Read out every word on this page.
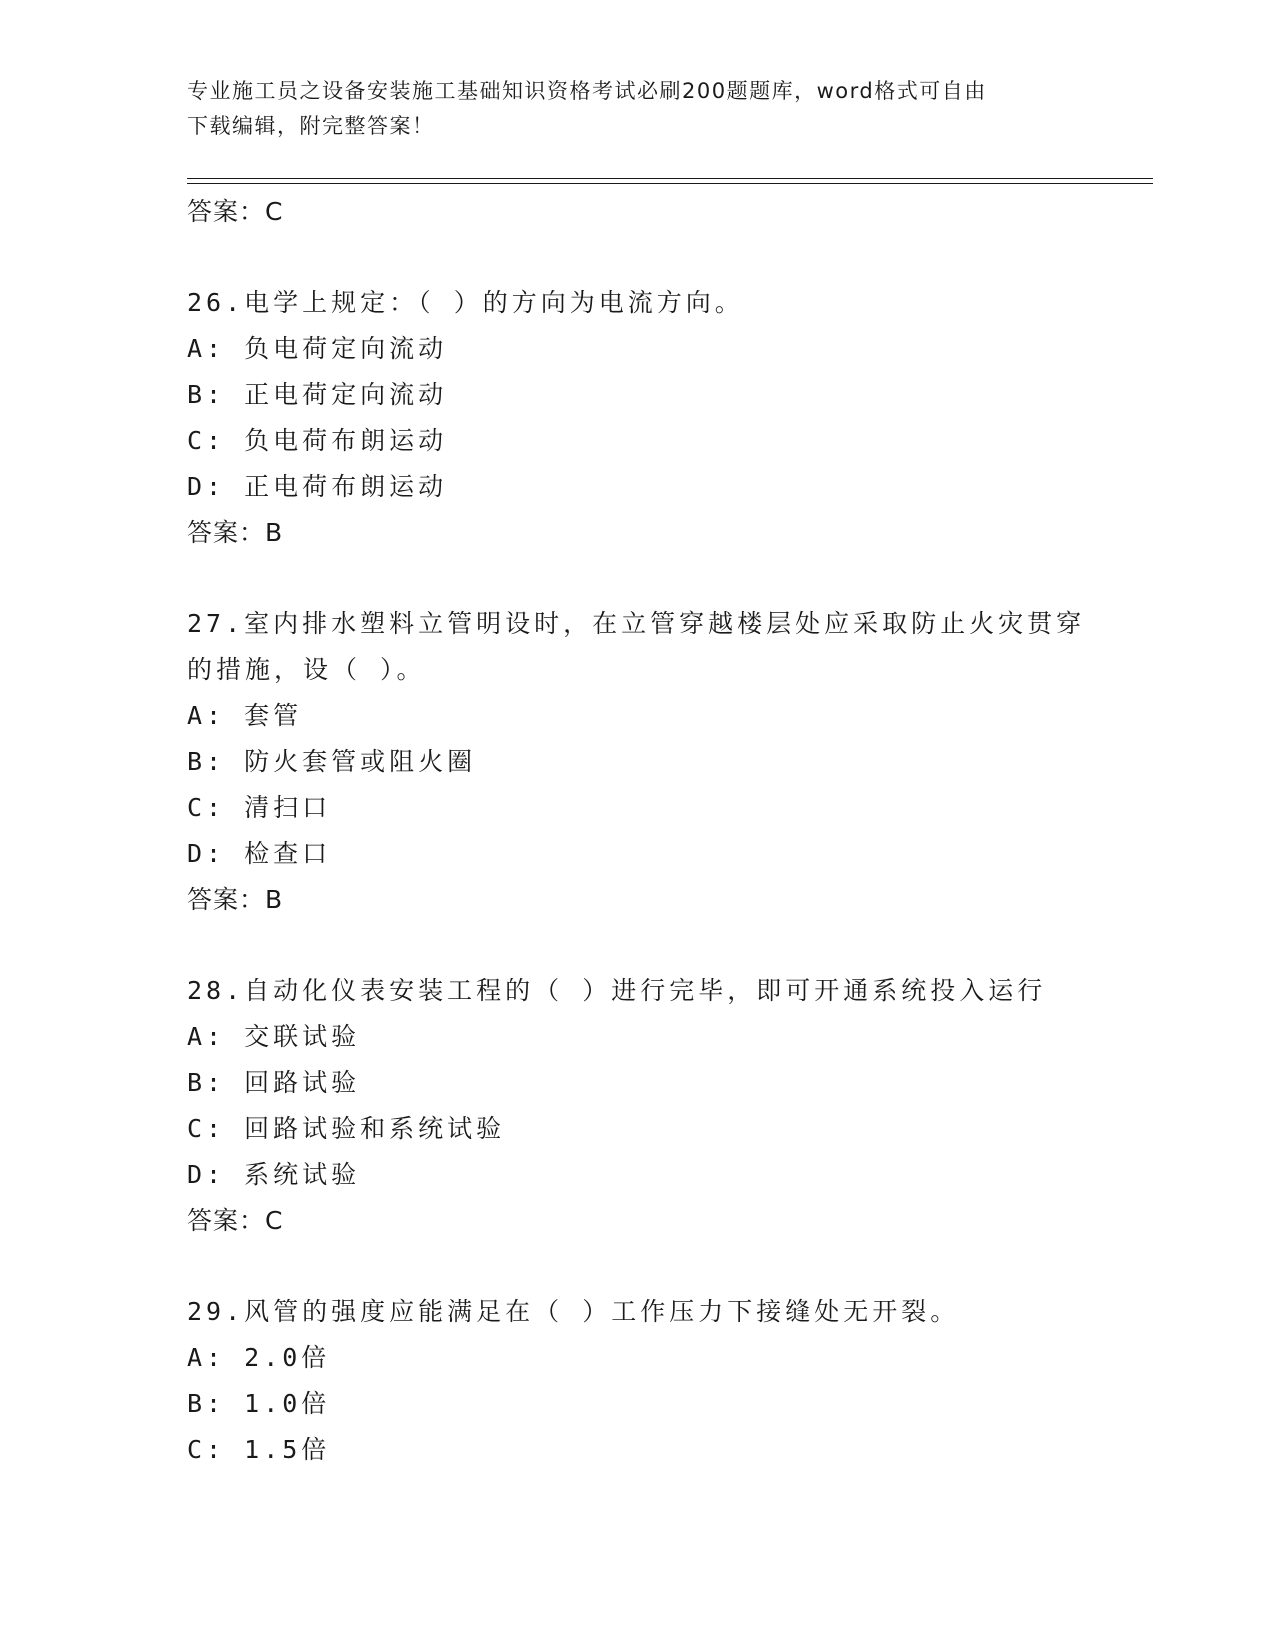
专业施工员之设备安装施工基础知识资格考试必刷200题题库，word格式可自由
下载编辑，附完整答案！
答案：C
26.电学上规定：（ ）的方向为电流方向。
A: 负电荷定向流动
B: 正电荷定向流动
C: 负电荷布朗运动
D: 正电荷布朗运动
答案：B
27.室内排水塑料立管明设时，在立管穿越楼层处应采取防止火灾贯穿
的措施，设（ ）。
A: 套管
B: 防火套管或阻火圈
C: 清扫口
D: 检查口
答案：B
28.自动化仪表安装工程的（ ）进行完毕，即可开通系统投入运行
A: 交联试验
B: 回路试验
C: 回路试验和系统试验
D: 系统试验
答案：C
29.风管的强度应能满足在（ ）工作压力下接缝处无开裂。
A: 2.0倍
B: 1.0倍
C: 1.5倍
